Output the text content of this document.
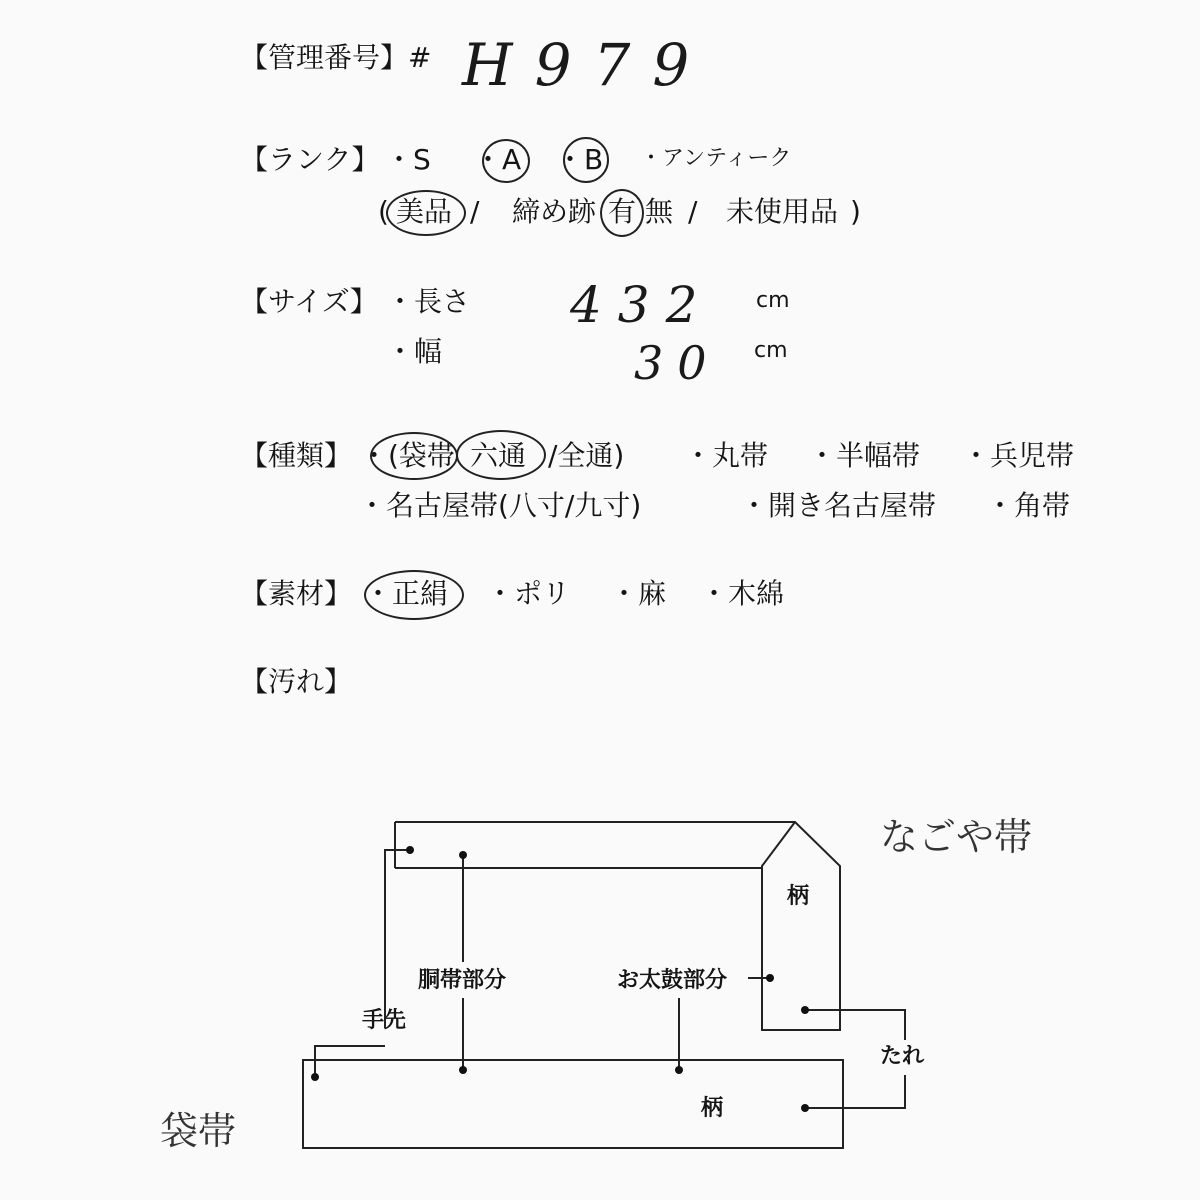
【管理番号】# H979
【ランク】 ・S ・A ・B ・アンティーク
( 美品 / 締め跡 有 無 / 未使用品 )
【サイズ】 ・長さ 432 cm
・幅	30 cm
【種類】 ・(袋帯 六通 /全通) ・丸帯 ・半幅帯 ・兵児帯
・名古屋帯(八寸/九寸)	・開き名古屋帯 ・角帯
【素材】 ・正絹 ・ポリ ・麻 ・木綿
【汚れ】
なごや帯
袋帯
柄
柄
胴帯部分	お太鼓部分
手先
たれ
